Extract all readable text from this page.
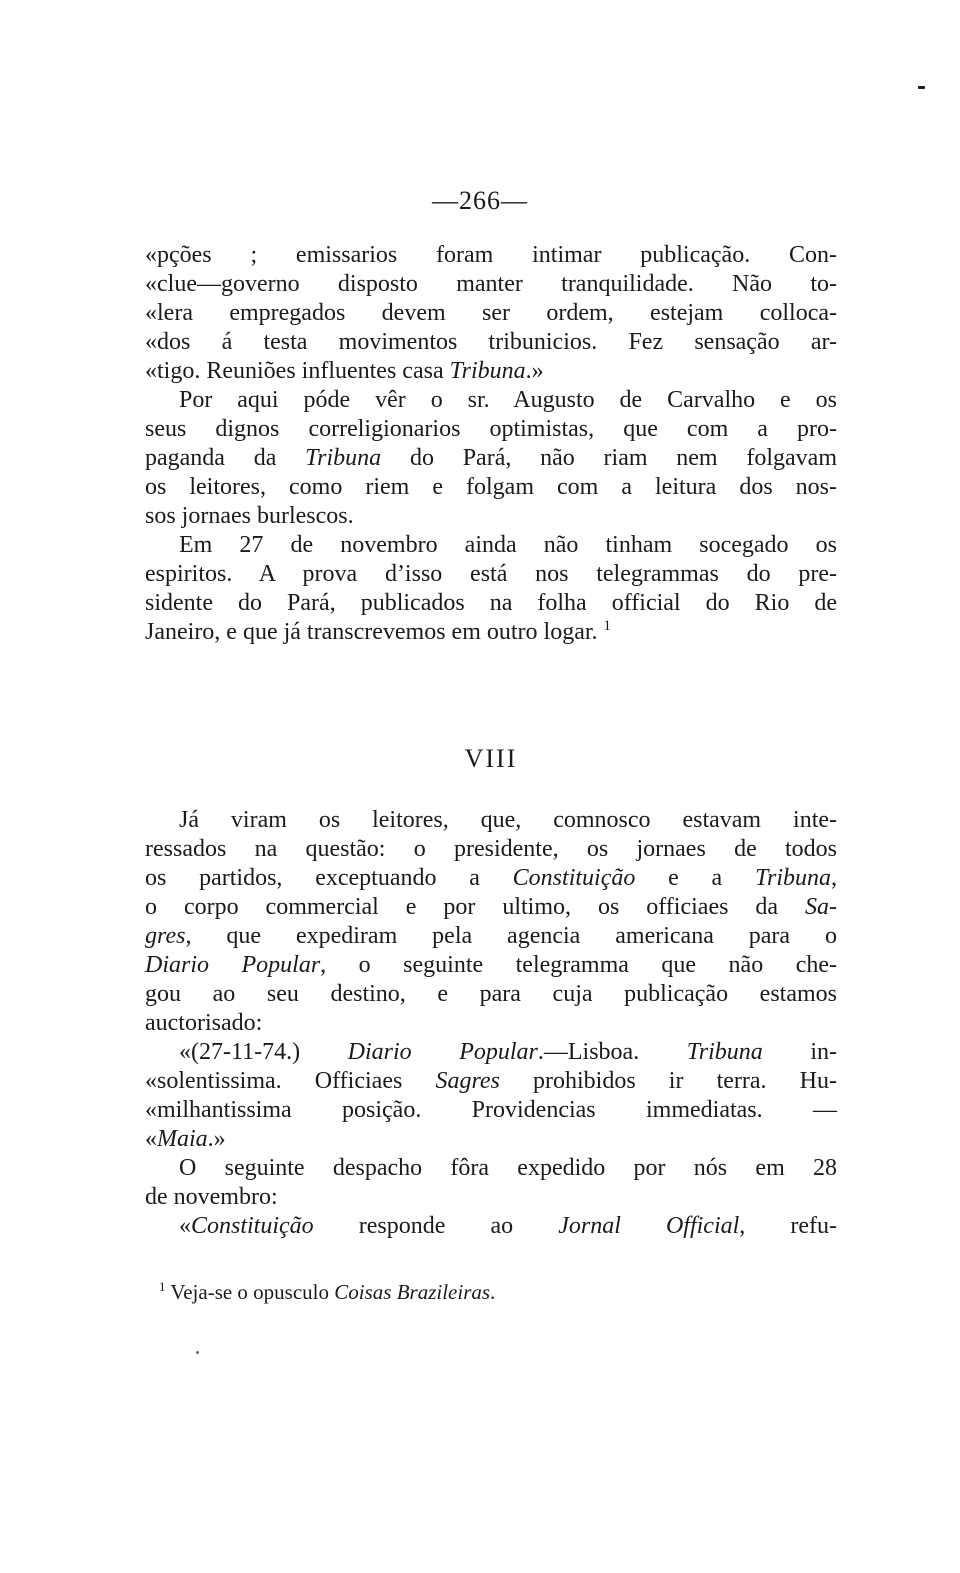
—266—
«pções ; emissarios foram intimar publicação. Con-
«clue—governo disposto manter tranquilidade. Não to-
«lera empregados devem ser ordem, estejam colloca-
«dos á testa movimentos tribunicios. Fez sensação ar-
«tigo. Reuniões influentes casa Tribuna.»
Por aqui póde vêr o sr. Augusto de Carvalho e os
seus dignos correligionarios optimistas, que com a pro-
paganda da Tribuna do Pará, não riam nem folgavam
os leitores, como riem e folgam com a leitura dos nos-
sos jornaes burlescos.
Em 27 de novembro ainda não tinham socegado os
espiritos. A prova d’isso está nos telegrammas do pre-
sidente do Pará, publicados na folha official do Rio de
Janeiro, e que já transcrevemos em outro logar. $^1$
VIII
Já viram os leitores, que, comnosco estavam inte-
ressados na questão: o presidente, os jornaes de todos
os partidos, exceptuando a Constituição e a Tribuna,
o corpo commercial e por ultimo, os officiaes da Sa-
gres, que expediram pela agencia americana para o
Diario Popular, o seguinte telegramma que não che-
gou ao seu destino, e para cuja publicação estamos
auctorisado:
«(27-11-74.) Diario Popular.—Lisboa. Tribuna in-
«solentissima. Officiaes Sagres prohibidos ir terra. Hu-
«milhantissima posição. Providencias immediatas. —
«Maia.»
O seguinte despacho fôra expedido por nós em 28
de novembro:
«Constituição responde ao Jornal Official, refu-
$^1$ Veja-se o opusculo Coisas Brazileiras.
